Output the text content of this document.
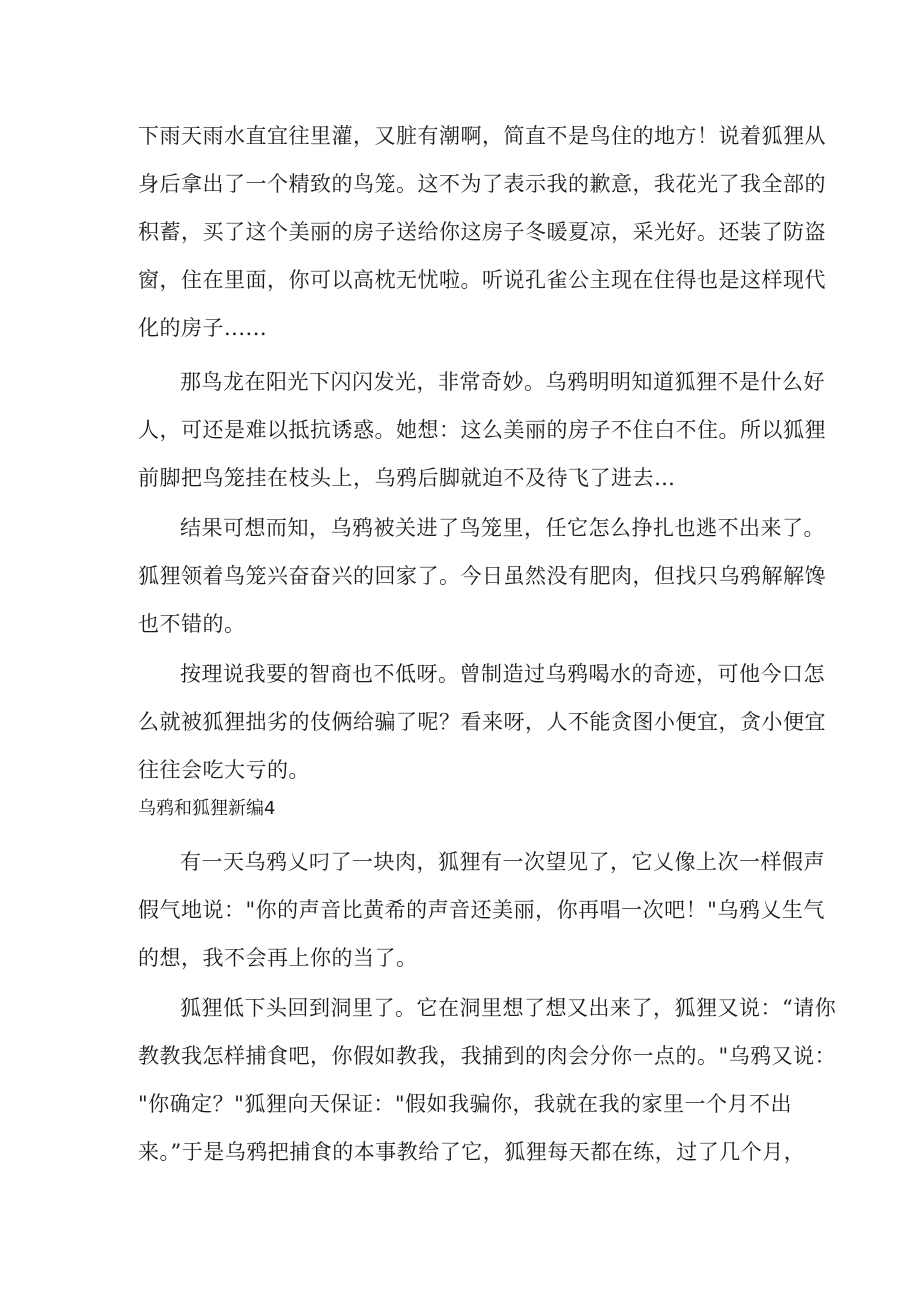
下雨天雨水直宜往里灌，又脏有潮啊，简直不是鸟住的地方！说着狐狸从
身后拿出了一个精致的鸟笼。这不为了表示我的歉意，我花光了我全部的
积蓄，买了这个美丽的房子送给你这房子冬暖夏凉，采光好。还装了防盗
窗，住在里面，你可以高枕无忧啦。听说孔雀公主现在住得也是这样现代
化的房子......
那鸟龙在阳光下闪闪发光，非常奇妙。乌鸦明明知道狐狸不是什么好
人，可还是难以抵抗诱惑。她想：这么美丽的房子不住白不住。所以狐狸
前脚把鸟笼挂在枝头上，乌鸦后脚就迫不及待飞了进去…
结果可想而知，乌鸦被关进了鸟笼里，任它怎么挣扎也逃不出来了。
狐狸领着鸟笼兴奋奋兴的回家了。今日虽然没有肥肉，但找只乌鸦解解馋
也不错的。
按理说我要的智商也不低呀。曾制造过乌鸦喝水的奇迹，可他今口怎
么就被狐狸拙劣的伎俩给骗了呢？看来呀，人不能贪图小便宜，贪小便宜
往往会吃大亏的。
乌鸦和狐狸新编4
有一天乌鸦乂叼了一块肉，狐狸有一次望见了，它乂像上次一样假声
假气地说："你的声音比黄希的声音还美丽，你再唱一次吧！"乌鸦乂生气
的想，我不会再上你的当了。
狐狸低下头回到洞里了。它在洞里想了想又出来了，狐狸又说：“请你
教教我怎样捕食吧，你假如教我，我捕到的肉会分你一点的。"乌鸦又说：
"你确定？"狐狸向天保证："假如我骗你，我就在我的家里一个月不出
来。”于是乌鸦把捕食的本事教给了它，狐狸每天都在练，过了几个月，
